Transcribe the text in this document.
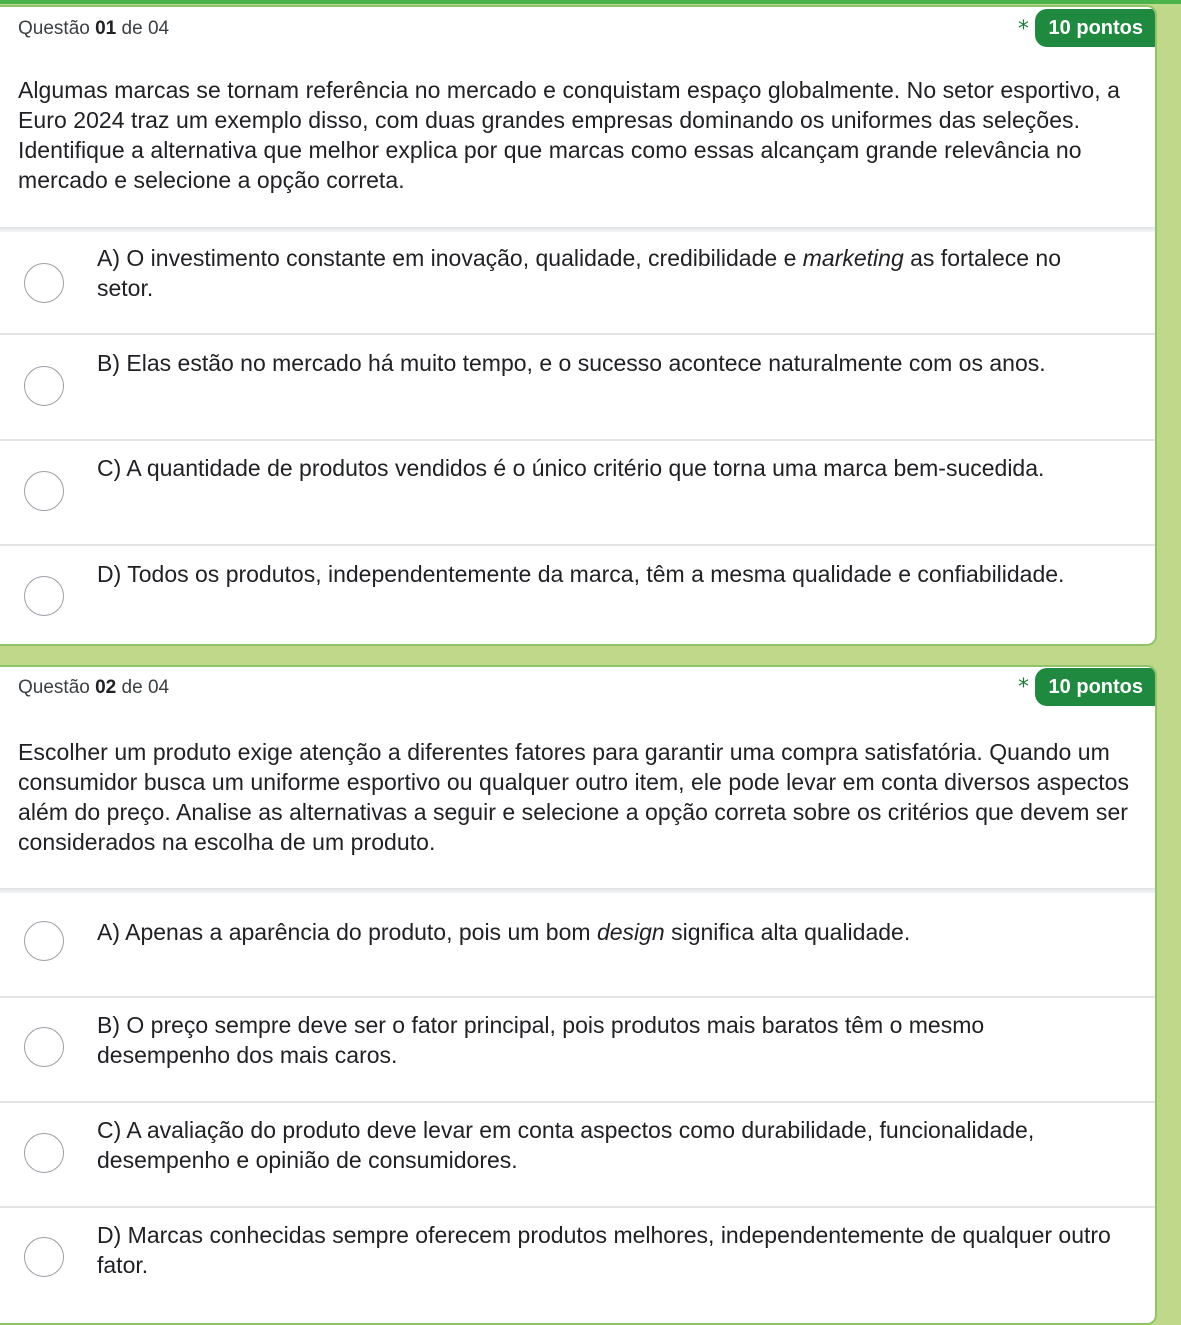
Questão 01 de 04	* 10 pontos
Algumas marcas se tornam referência no mercado e conquistam espaço globalmente. No setor esportivo, a Euro 2024 traz um exemplo disso, com duas grandes empresas dominando os uniformes das seleções. Identifique a alternativa que melhor explica por que marcas como essas alcançam grande relevância no mercado e selecione a opção correta.
A) O investimento constante em inovação, qualidade, credibilidade e marketing as fortalece no setor.
B) Elas estão no mercado há muito tempo, e o sucesso acontece naturalmente com os anos.
C) A quantidade de produtos vendidos é o único critério que torna uma marca bem-sucedida.
D) Todos os produtos, independentemente da marca, têm a mesma qualidade e confiabilidade.
Questão 02 de 04	* 10 pontos
Escolher um produto exige atenção a diferentes fatores para garantir uma compra satisfatória. Quando um consumidor busca um uniforme esportivo ou qualquer outro item, ele pode levar em conta diversos aspectos além do preço. Analise as alternativas a seguir e selecione a opção correta sobre os critérios que devem ser considerados na escolha de um produto.
A) Apenas a aparência do produto, pois um bom design significa alta qualidade.
B) O preço sempre deve ser o fator principal, pois produtos mais baratos têm o mesmo desempenho dos mais caros.
C) A avaliação do produto deve levar em conta aspectos como durabilidade, funcionalidade, desempenho e opinião de consumidores.
D) Marcas conhecidas sempre oferecem produtos melhores, independentemente de qualquer outro fator.
